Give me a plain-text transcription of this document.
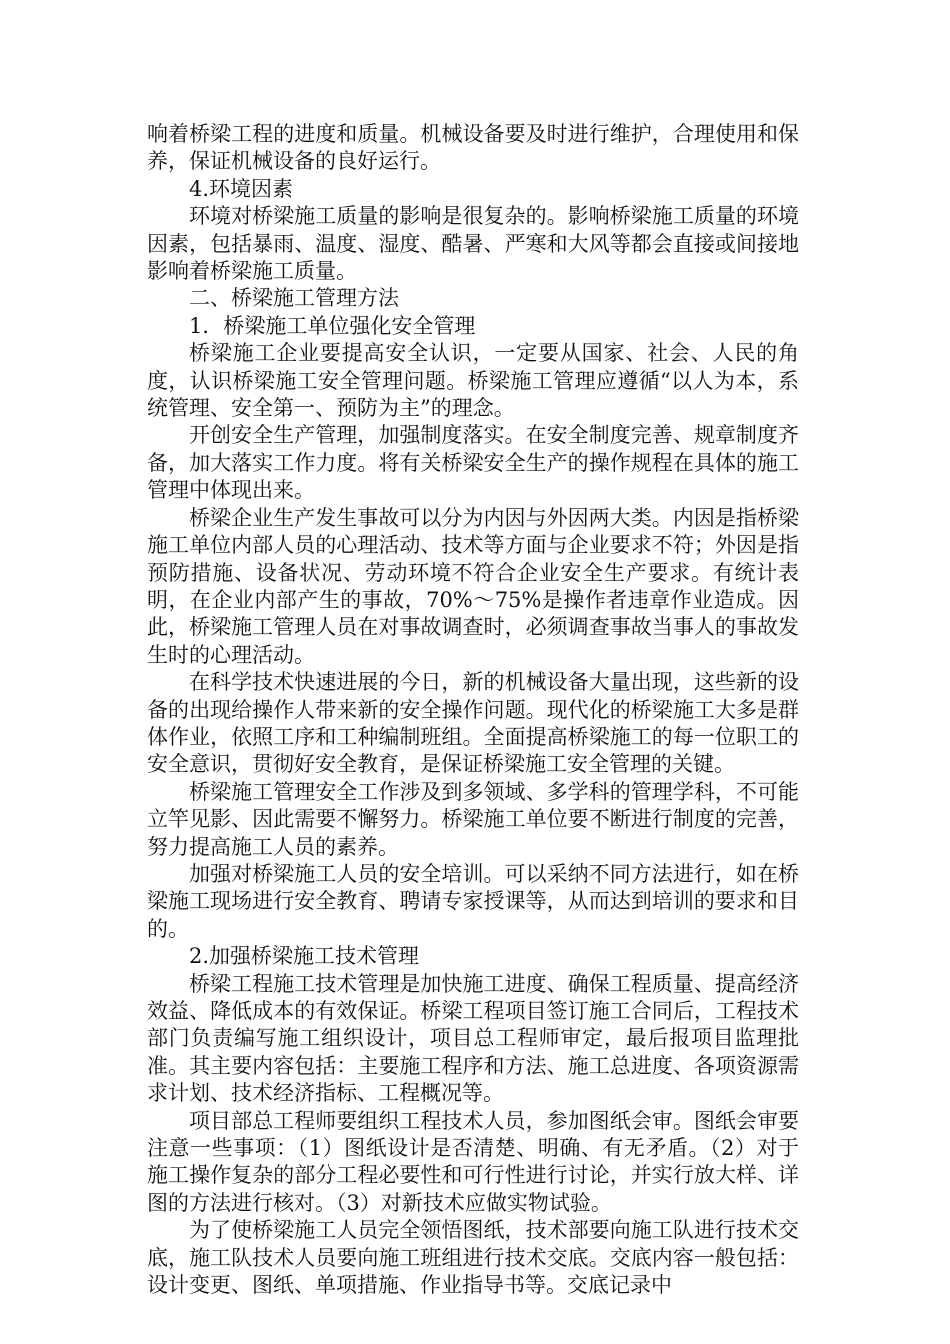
响着桥梁工程的进度和质量。机械设备要及时进行维护，合理使用和保养，保证机械设备的良好运行。

4.环境因素

环境对桥梁施工质量的影响是很复杂的。影响桥梁施工质量的环境因素，包括暴雨、温度、湿度、酷暑、严寒和大风等都会直接或间接地影响着桥梁施工质量。

二、桥梁施工管理方法

1．桥梁施工单位强化安全管理

桥梁施工企业要提高安全认识，一定要从国家、社会、人民的角度，认识桥梁施工安全管理问题。桥梁施工管理应遵循“以人为本，系统管理、安全第一、预防为主”的理念。

开创安全生产管理，加强制度落实。在安全制度完善、规章制度齐备，加大落实工作力度。将有关桥梁安全生产的操作规程在具体的施工管理中体现出来。

桥梁企业生产发生事故可以分为内因与外因两大类。内因是指桥梁施工单位内部人员的心理活动、技术等方面与企业要求不符；外因是指预防措施、设备状况、劳动环境不符合企业安全生产要求。有统计表明，在企业内部产生的事故，70%～75%是操作者违章作业造成。因此，桥梁施工管理人员在对事故调查时，必须调查事故当事人的事故发生时的心理活动。

在科学技术快速进展的今日，新的机械设备大量出现，这些新的设备的出现给操作人带来新的安全操作问题。现代化的桥梁施工大多是群体作业，依照工序和工种编制班组。全面提高桥梁施工的每一位职工的安全意识，贯彻好安全教育，是保证桥梁施工安全管理的关键。

桥梁施工管理安全工作涉及到多领域、多学科的管理学科，不可能立竿见影、因此需要不懈努力。桥梁施工单位要不断进行制度的完善，努力提高施工人员的素养。

加强对桥梁施工人员的安全培训。可以采纳不同方法进行，如在桥梁施工现场进行安全教育、聘请专家授课等，从而达到培训的要求和目的。

2.加强桥梁施工技术管理

桥梁工程施工技术管理是加快施工进度、确保工程质量、提高经济效益、降低成本的有效保证。桥梁工程项目签订施工合同后，工程技术部门负责编写施工组织设计，项目总工程师审定，最后报项目监理批准。其主要内容包括：主要施工程序和方法、施工总进度、各项资源需求计划、技术经济指标、工程概况等。

项目部总工程师要组织工程技术人员，参加图纸会审。图纸会审要注意一些事项：（1）图纸设计是否清楚、明确、有无矛盾。（2）对于施工操作复杂的部分工程必要性和可行性进行讨论，并实行放大样、详图的方法进行核对。（3）对新技术应做实物试验。

为了使桥梁施工人员完全领悟图纸，技术部要向施工队进行技术交底，施工队技术人员要向施工班组进行技术交底。交底内容一般包括：设计变更、图纸、单项措施、作业指导书等。交底记录中
